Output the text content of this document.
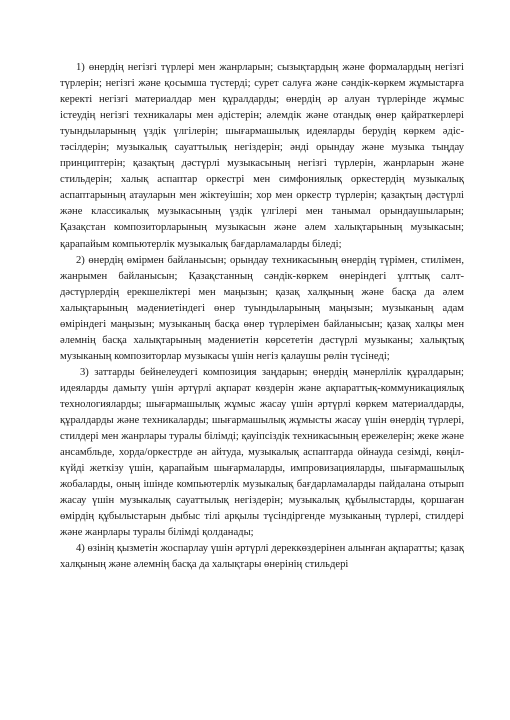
1) өнердің негізгі түрлері мен жанрларын; сызықтардың және формалардың негізгі түрлерін; негізгі және қосымша түстерді; сурет салуға және сәндік-көркем жұмыстарға керекті негізгі материалдар мен құралдарды; өнердің әр алуан түрлерінде жұмыс істеудің негізгі техникалары мен әдістерін; әлемдік және отандық өнер қайраткерлері туындыларының үздік үлгілерін; шығармашылық идеяларды берудің көркем әдіс-тәсілдерін; музыкалық сауаттылық негіздерін; әнді орындау және музыка тыңдау принциптерін; қазақтың дәстүрлі музыкасының негізгі түрлерін, жанрларын және стильдерін; халық аспаптар оркестрі мен симфониялық оркестердің музыкалық аспаптарының атауларын мен жіктеуішін; хор мен оркестр түрлерін; қазақтың дәстүрлі және классикалық музыкасының үздік үлгілері мен танымал орындаушыларын; Қазақстан композиторларының музыкасын және әлем халықтарының музыкасын; қарапайым компьютерлік музыкалық бағдарламаларды біледі;

2) өнердің өмірмен байланысын; орындау техникасының өнердің түрімен, стилімен, жанрымен байланысын; Қазақстанның сәндік-көркем өнеріндегі ұлттық салт-дәстүрлердің ерекшеліктері мен маңызын; қазақ халқының және басқа да әлем халықтарының мәдениетіндегі өнер туындыларының маңызын; музыканың адам өміріндегі маңызын; музыканың басқа өнер түрлерімен байланысын; қазақ халқы мен әлемнің басқа халықтарының мәдениетін көрсететін дәстүрлі музыканы; халықтық музыканың композиторлар музыкасы үшін негіз қалаушы рөлін түсінеді;

3) заттарды бейнелеудегі композиция заңдарын; өнердің мәнерлілік құралдарын; идеяларды дамыту үшін әртүрлі ақпарат көздерін және ақпараттық-коммуникациялық технологияларды; шығармашылық жұмыс жасау үшін әртүрлі көркем материалдарды, құралдарды және техникаларды; шығармашылық жұмысты жасау үшін өнердің түрлері, стилдері мен жанрлары туралы білімді; қауіпсіздік техникасының ережелерін; жеке және ансамбльде, хорда/оркестрде ән айтуда, музыкалық аспаптарда ойнауда сезімді, көңіл-күйді жеткізу үшін, қарапайым шығармаларды, импровизацияларды, шығармашылық жобаларды, оның ішінде компьютерлік музыкалық бағдарламаларды пайдалана отырып жасау үшін музыкалық сауаттылық негіздерін; музыкалық құбылыстарды, қоршаған өмірдің құбылыстарын дыбыс тілі арқылы түсіндіргенде музыканың түрлері, стилдері және жанрлары туралы білімді қолданады;

4) өзінің қызметін жоспарлау үшін әртүрлі дереккөздерінен алынған ақпаратты; қазақ халқының және әлемнің басқа да халықтары өнерінің стильдері
